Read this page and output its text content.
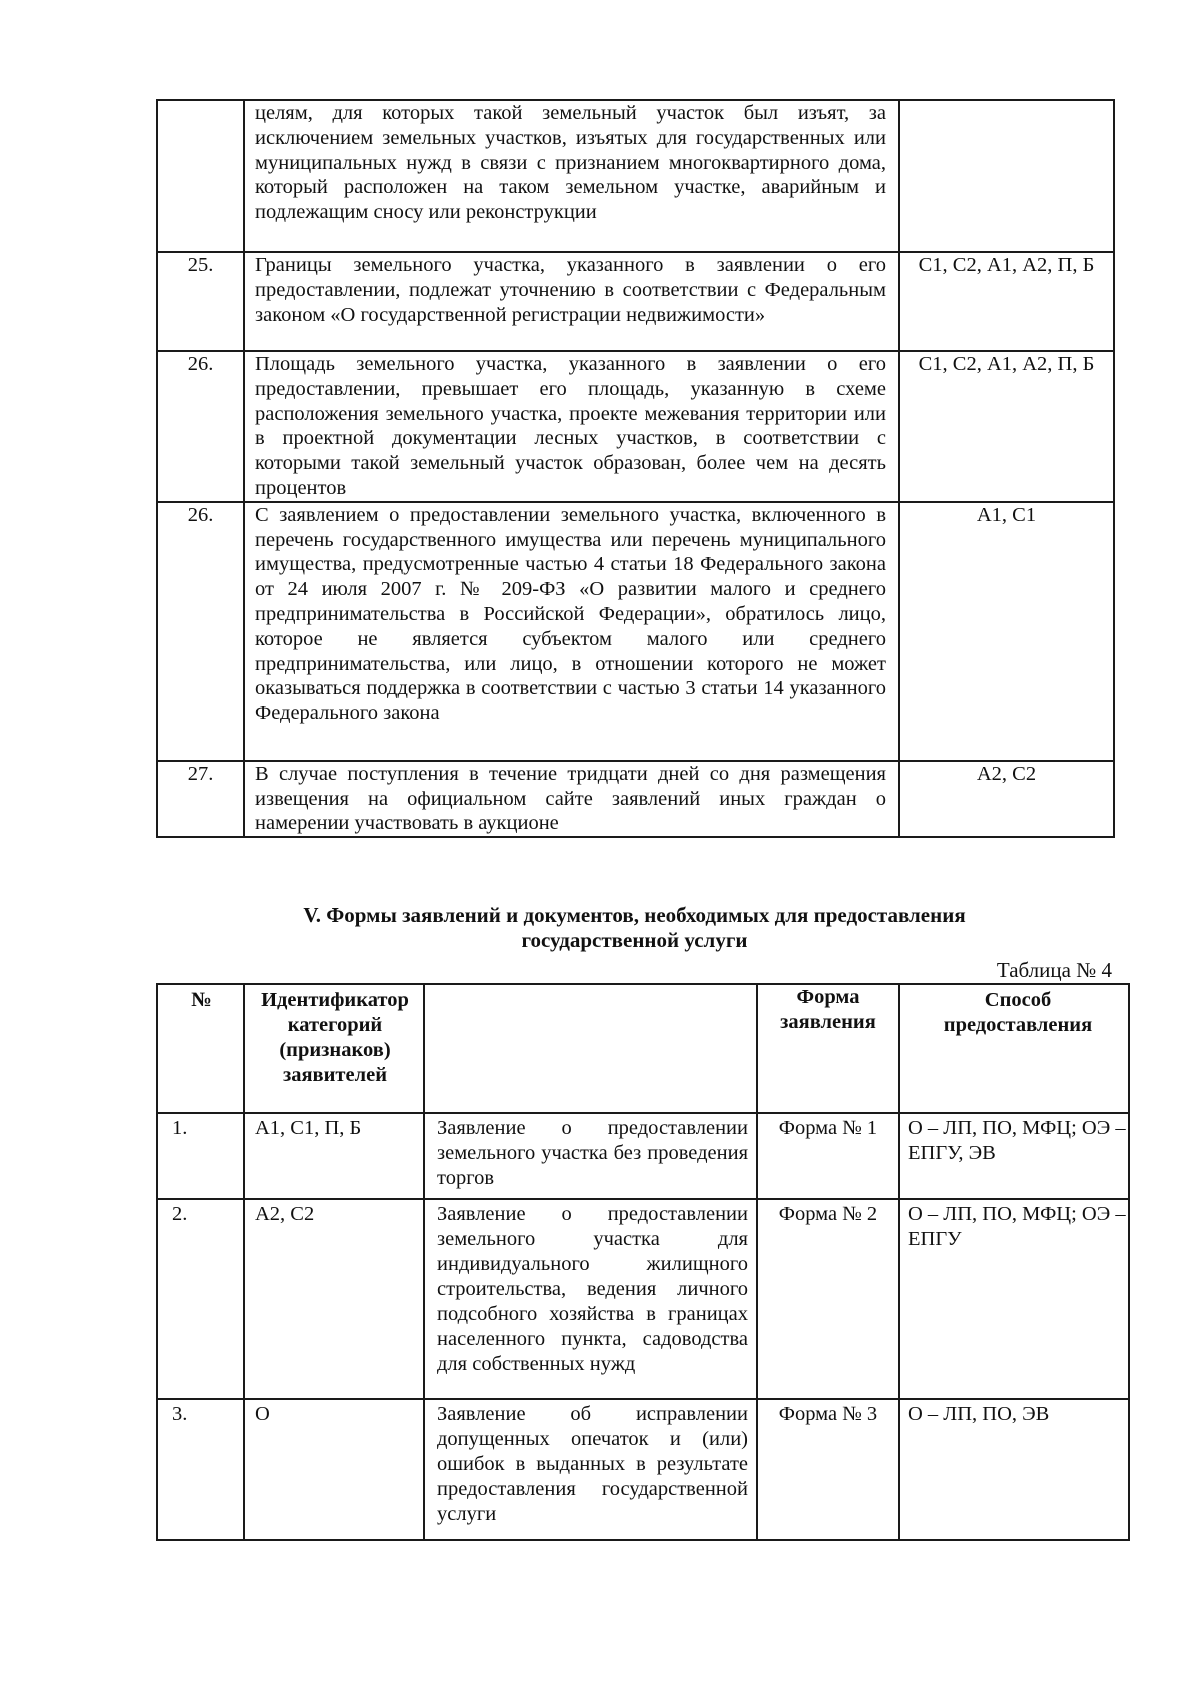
	целям, для которых такой земельный участок был изъят, за исключением земельных участков, изъятых для государственных или муниципальных нужд в связи с признанием многоквартирного дома, который расположен на таком земельном участке, аварийным и подлежащим сносу или реконструкции	
25.	Границы земельного участка, указанного в заявлении о его предоставлении, подлежат уточнению в соответствии с Федеральным законом «О государственной регистрации недвижимости»	С1, С2, А1, А2, П, Б
26.	Площадь земельного участка, указанного в заявлении о его предоставлении, превышает его площадь, указанную в схеме расположения земельного участка, проекте межевания территории или в проектной документации лесных участков, в соответствии с которыми такой земельный участок образован, более чем на десять процентов	С1, С2, А1, А2, П, Б
26.	С заявлением о предоставлении земельного участка, включенного в перечень государственного имущества или перечень муниципального имущества, предусмотренные частью 4 статьи 18 Федерального закона от 24 июля 2007 г. № 209-ФЗ «О развитии малого и среднего предпринимательства в Российской Федерации», обратилось лицо, которое не является субъектом малого или среднего предпринимательства, или лицо, в отношении которого не может оказываться поддержка в соответствии с частью 3 статьи 14 указанного Федерального закона	А1, С1
27.	В случае поступления в течение тридцати дней со дня размещения извещения на официальном сайте заявлений иных граждан о намерении участвовать в аукционе	А2, С2
V. Формы заявлений и документов, необходимых для предоставления
государственной услуги
Таблица № 4
№	Идентификатор категорий (признаков) заявителей		Форма заявления	Способ предоставления
1.	А1, С1, П, Б	Заявление о предоставлении земельного участка без проведения торгов	Форма № 1	О – ЛП, ПО, МФЦ; ОЭ – ЕПГУ, ЭВ
2.	А2, С2	Заявление о предоставлении земельного участка для индивидуального жилищного строительства, ведения личного подсобного хозяйства в границах населенного пункта, садоводства для собственных нужд	Форма № 2	О – ЛП, ПО, МФЦ; ОЭ – ЕПГУ
3.	О	Заявление об исправлении допущенных опечаток и (или) ошибок в выданных в результате предоставления государственной услуги	Форма № 3	О – ЛП, ПО, ЭВ
